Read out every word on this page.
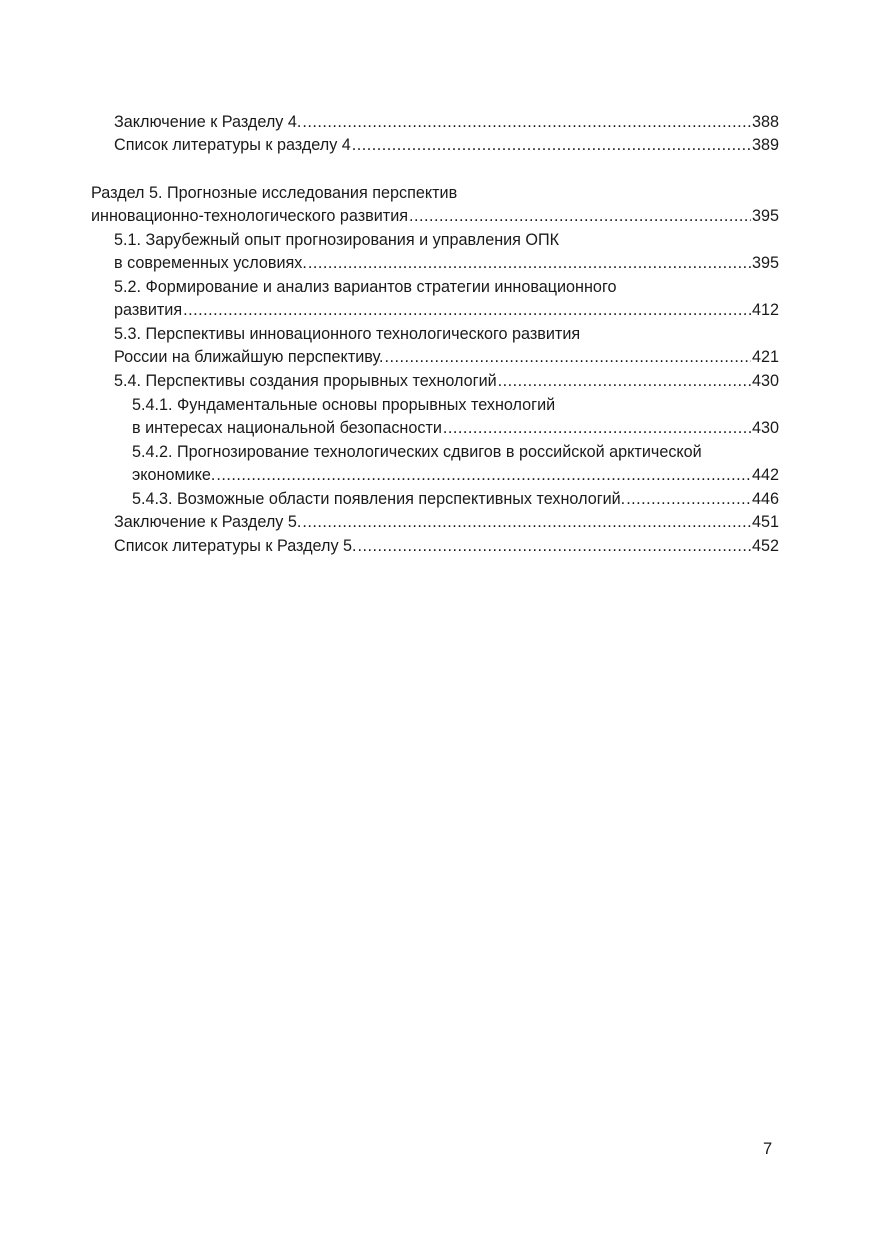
Заключение к Разделу 4. .....	388
Список литературы к разделу 4 .....	389
Раздел 5. Прогнозные исследования перспектив
инновационно-технологического развития .....	395
5.1. Зарубежный опыт прогнозирования и управления ОПК
в современных условиях. .....	395
5.2. Формирование и анализ вариантов стратегии инновационного
развития .....	412
5.3. Перспективы инновационного технологического развития
России на ближайшую перспективу. .....	421
5.4. Перспективы создания прорывных технологий .....	430
5.4.1. Фундаментальные основы прорывных технологий
в интересах национальной безопасности .....	430
5.4.2. Прогнозирование технологических сдвигов в российской арктической
экономике. .....	442
5.4.3. Возможные области появления перспективных технологий. .....	446
Заключение к Разделу 5. .....	451
Список литературы к Разделу 5. .....	452
7
